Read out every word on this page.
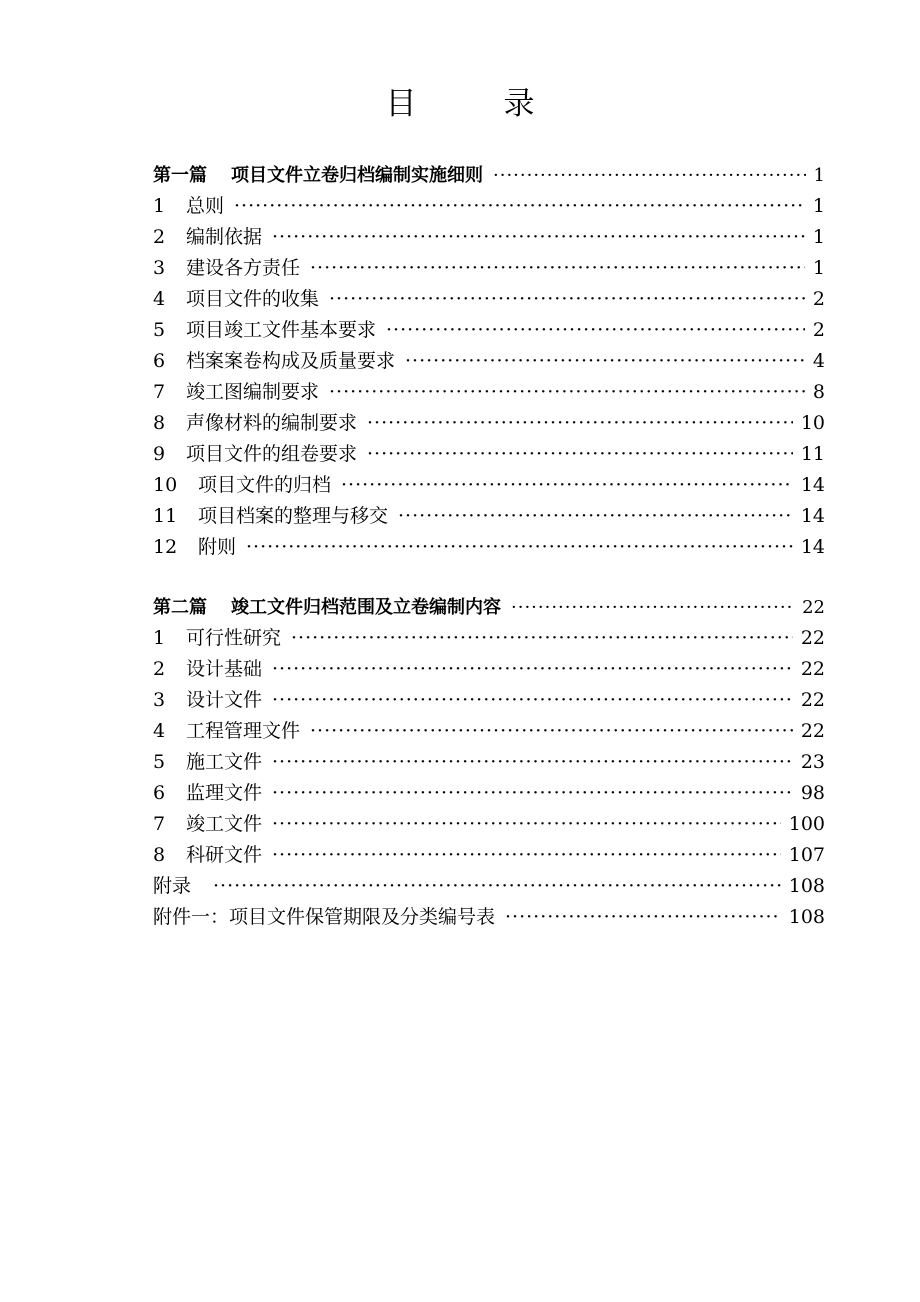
目　录
第一篇 项目文件立卷归档编制实施细则 ·····	1
1	总则 ·····	1
2	编制依据 ·····	1
3	建设各方责任 ·····	1
4	项目文件的收集 ·····	2
5	项目竣工文件基本要求 ·····	2
6	档案案卷构成及质量要求 ·····	4
7	竣工图编制要求 ·····	8
8	声像材料的编制要求 ·····	10
9	项目文件的组卷要求 ·····	11
10	项目文件的归档 ·····	14
11	项目档案的整理与移交 ·····	14
12	附则 ·····	14
第二篇 竣工文件归档范围及立卷编制内容 ·····	22
1	可行性研究 ·····	22
2	设计基础 ·····	22
3	设计文件 ·····	22
4	工程管理文件 ·····	22
5	施工文件 ·····	23
6	监理文件 ·····	98
7	竣工文件 ·····	100
8	科研文件 ·····	107
附录 ·····	108
附件一：项目文件保管期限及分类编号表 ·····	108
